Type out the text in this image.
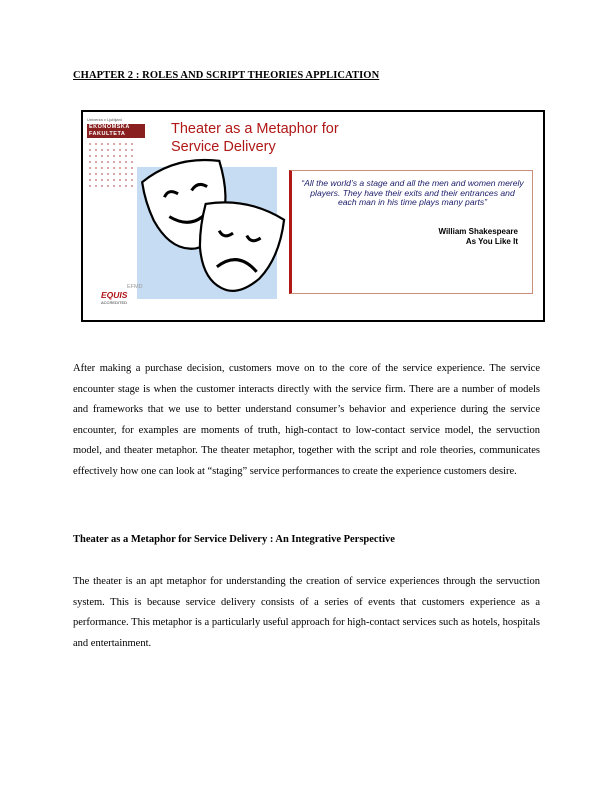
CHAPTER 2 : ROLES AND SCRIPT THEORIES APPLICATION
Univerza v Ljubljani
EKONOMSKA FAKULTETA	Theater as a Metaphor for
Service Delivery
“All the world’s a stage and all the men and women merely players. They have their exits and their entrances and each man in his time plays many parts”
William Shakespeare
As You Like It
EFMD
EQUIS
ACCREDITED

After making a purchase decision, customers move on to the core of the service experience. The service encounter stage is when the customer interacts directly with the service firm. There are a number of models and frameworks that we use to better understand consumer’s behavior and experience during the service encounter, for examples are moments of truth, high-contact to low-contact service model, the servuction model, and theater metaphor. The theater metaphor, together with the script and role theories, communicates effectively how one can look at “staging” service performances to create the experience customers desire.

Theater as a Metaphor for Service Delivery : An Integrative Perspective

The theater is an apt metaphor for understanding the creation of service experiences through the servuction system. This is because service delivery consists of a series of events that customers experience as a performance. This metaphor is a particularly useful approach for high-contact services such as hotels, hospitals and entertainment.
